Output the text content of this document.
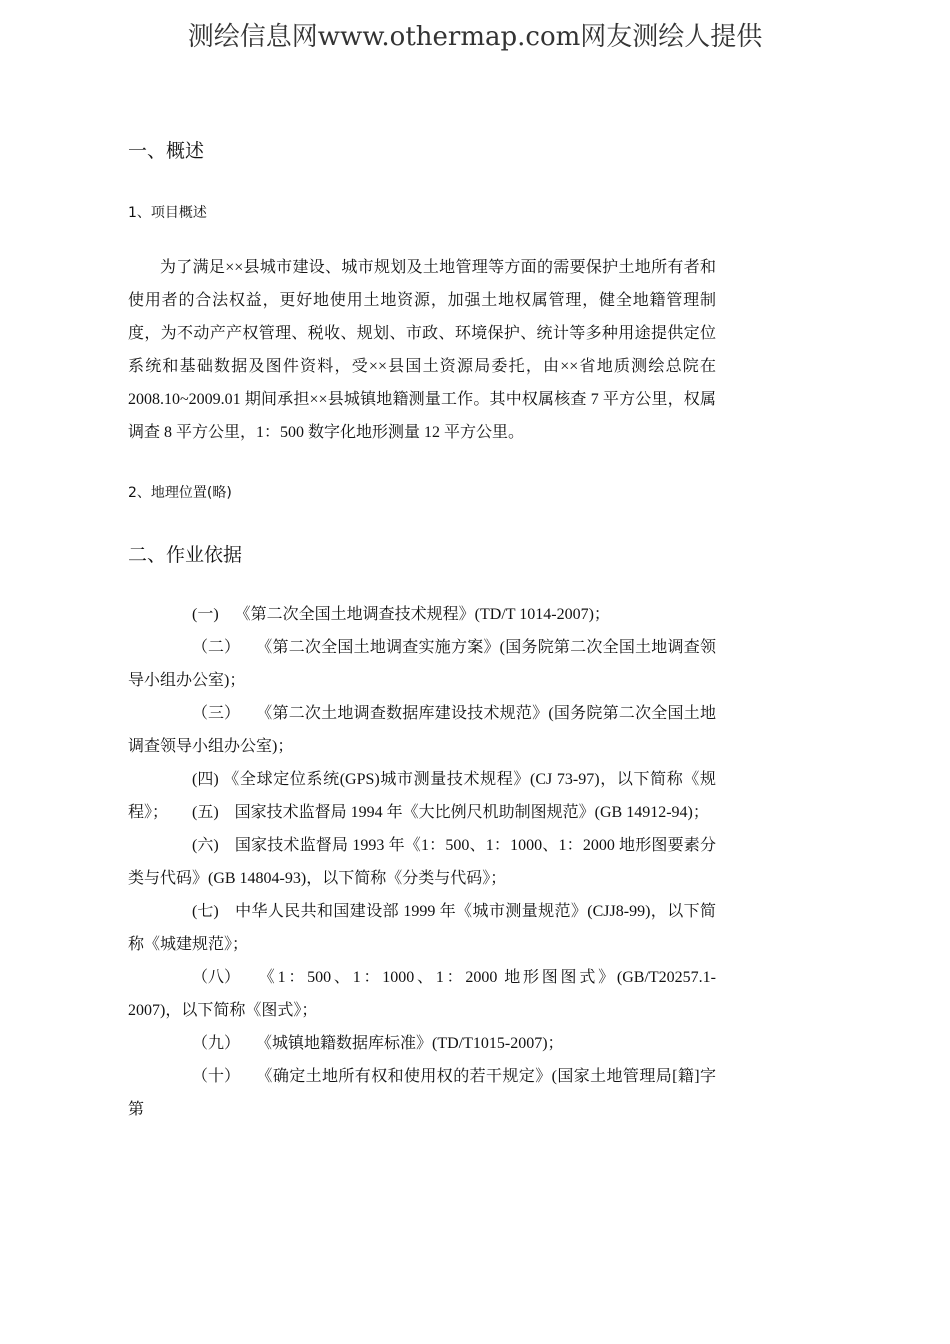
测绘信息网www.othermap.com网友测绘人提供
一、概述
1、项目概述
为了满足××县城市建设、城市规划及土地管理等方面的需要保护土地所有者和使用者的合法权益，更好地使用土地资源，加强土地权属管理，健全地籍管理制度，为不动产产权管理、税收、规划、市政、环境保护、统计等多种用途提供定位系统和基础数据及图件资料，受××县国土资源局委托，由××省地质测绘总院在 2008.10~2009.01 期间承担××县城镇地籍测量工作。其中权属核查 7 平方公里，权属调查 8 平方公里，1：500 数字化地形测量 12 平方公里。
2、地理位置(略)
二、作业依据
(一) 《第二次全国土地调查技术规程》(TD/T 1014-2007)；
（二） 《第二次全国土地调查实施方案》(国务院第二次全国土地调查领导小组办公室)；
（三） 《第二次土地调查数据库建设技术规范》(国务院第二次全国土地调查领导小组办公室)；
(四) 《全球定位系统(GPS)城市测量技术规程》(CJ 73-97)，以下简称《规程》；	(五) 国家技术监督局 1994 年《大比例尺机助制图规范》(GB 14912-94)；
(六) 国家技术监督局 1993 年《1：500、1：1000、1：2000 地形图要素分类与代码》(GB 14804-93)，以下简称《分类与代码》；
(七) 中华人民共和国建设部 1999 年《城市测量规范》(CJJ8-99)，以下简称《城建规范》；
（八） 《1：500、1：1000、1：2000 地形图图式》(GB/T20257.1-2007)，以下简称《图式》；
（九） 《城镇地籍数据库标准》(TD/T1015-2007)；
（十） 《确定土地所有权和使用权的若干规定》(国家土地管理局[籍]字第
